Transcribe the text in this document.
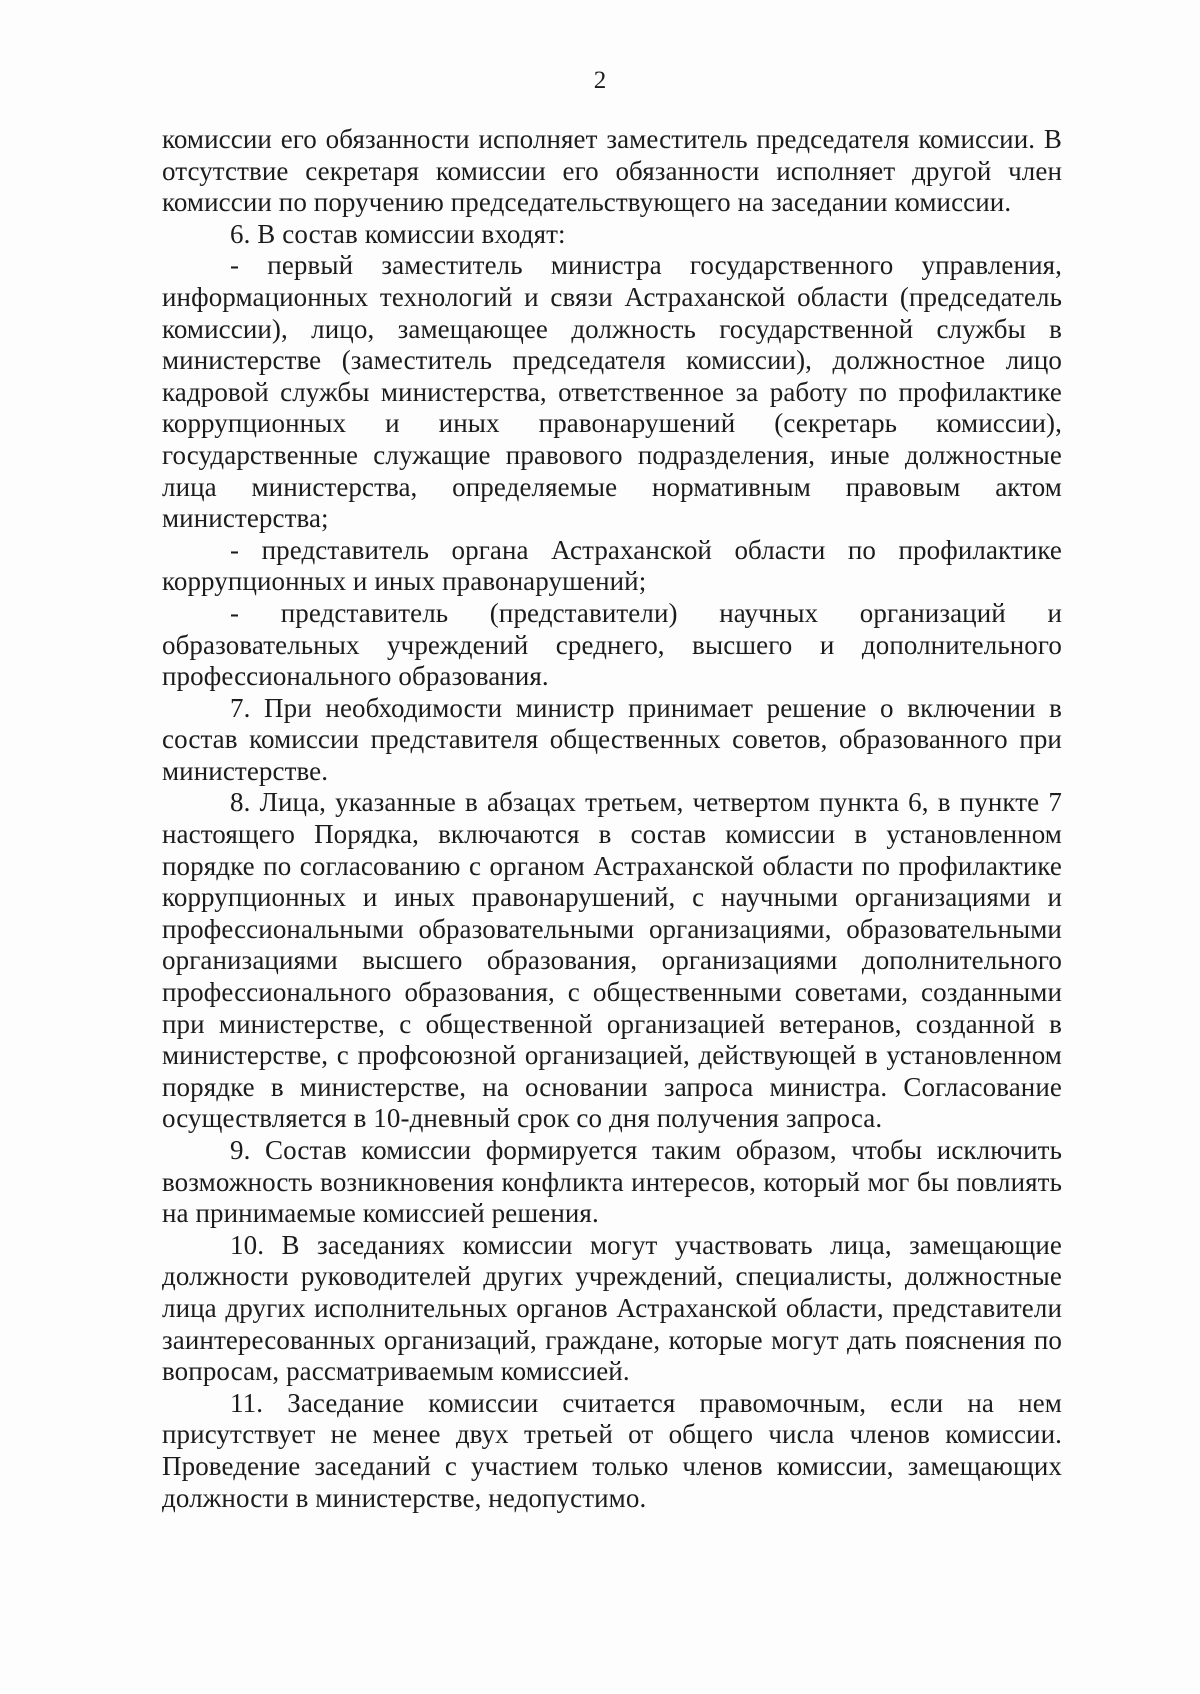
2

комиссии его обязанности исполняет заместитель председателя комиссии. В отсутствие секретаря комиссии его обязанности исполняет другой член комиссии по поручению председательствующего на заседании комиссии.

6. В состав комиссии входят:

- первый заместитель министра государственного управления, информационных технологий и связи Астраханской области (председатель комиссии), лицо, замещающее должность государственной службы в министерстве (заместитель председателя комиссии), должностное лицо кадровой службы министерства, ответственное за работу по профилактике коррупционных и иных правонарушений (секретарь комиссии), государственные служащие правового подразделения, иные должностные лица министерства, определяемые нормативным правовым актом министерства;

- представитель органа Астраханской области по профилактике коррупционных и иных правонарушений;

- представитель (представители) научных организаций и образовательных учреждений среднего, высшего и дополнительного профессионального образования.

7. При необходимости министр принимает решение о включении в состав комиссии представителя общественных советов, образованного при министерстве.

8. Лица, указанные в абзацах третьем, четвертом пункта 6, в пункте 7 настоящего Порядка, включаются в состав комиссии в установленном порядке по согласованию с органом Астраханской области по профилактике коррупционных и иных правонарушений, с научными организациями и профессиональными образовательными организациями, образовательными организациями высшего образования, организациями дополнительного профессионального образования, с общественными советами, созданными при министерстве, с общественной организацией ветеранов, созданной в министерстве, с профсоюзной организацией, действующей в установленном порядке в министерстве, на основании запроса министра. Согласование осуществляется в 10-дневный срок со дня получения запроса.

9. Состав комиссии формируется таким образом, чтобы исключить возможность возникновения конфликта интересов, который мог бы повлиять на принимаемые комиссией решения.

10. В заседаниях комиссии могут участвовать лица, замещающие должности руководителей других учреждений, специалисты, должностные лица других исполнительных органов Астраханской области, представители заинтересованных организаций, граждане, которые могут дать пояснения по вопросам, рассматриваемым комиссией.

11. Заседание комиссии считается правомочным, если на нем присутствует не менее двух третьей от общего числа членов комиссии. Проведение заседаний с участием только членов комиссии, замещающих должности в министерстве, недопустимо.
